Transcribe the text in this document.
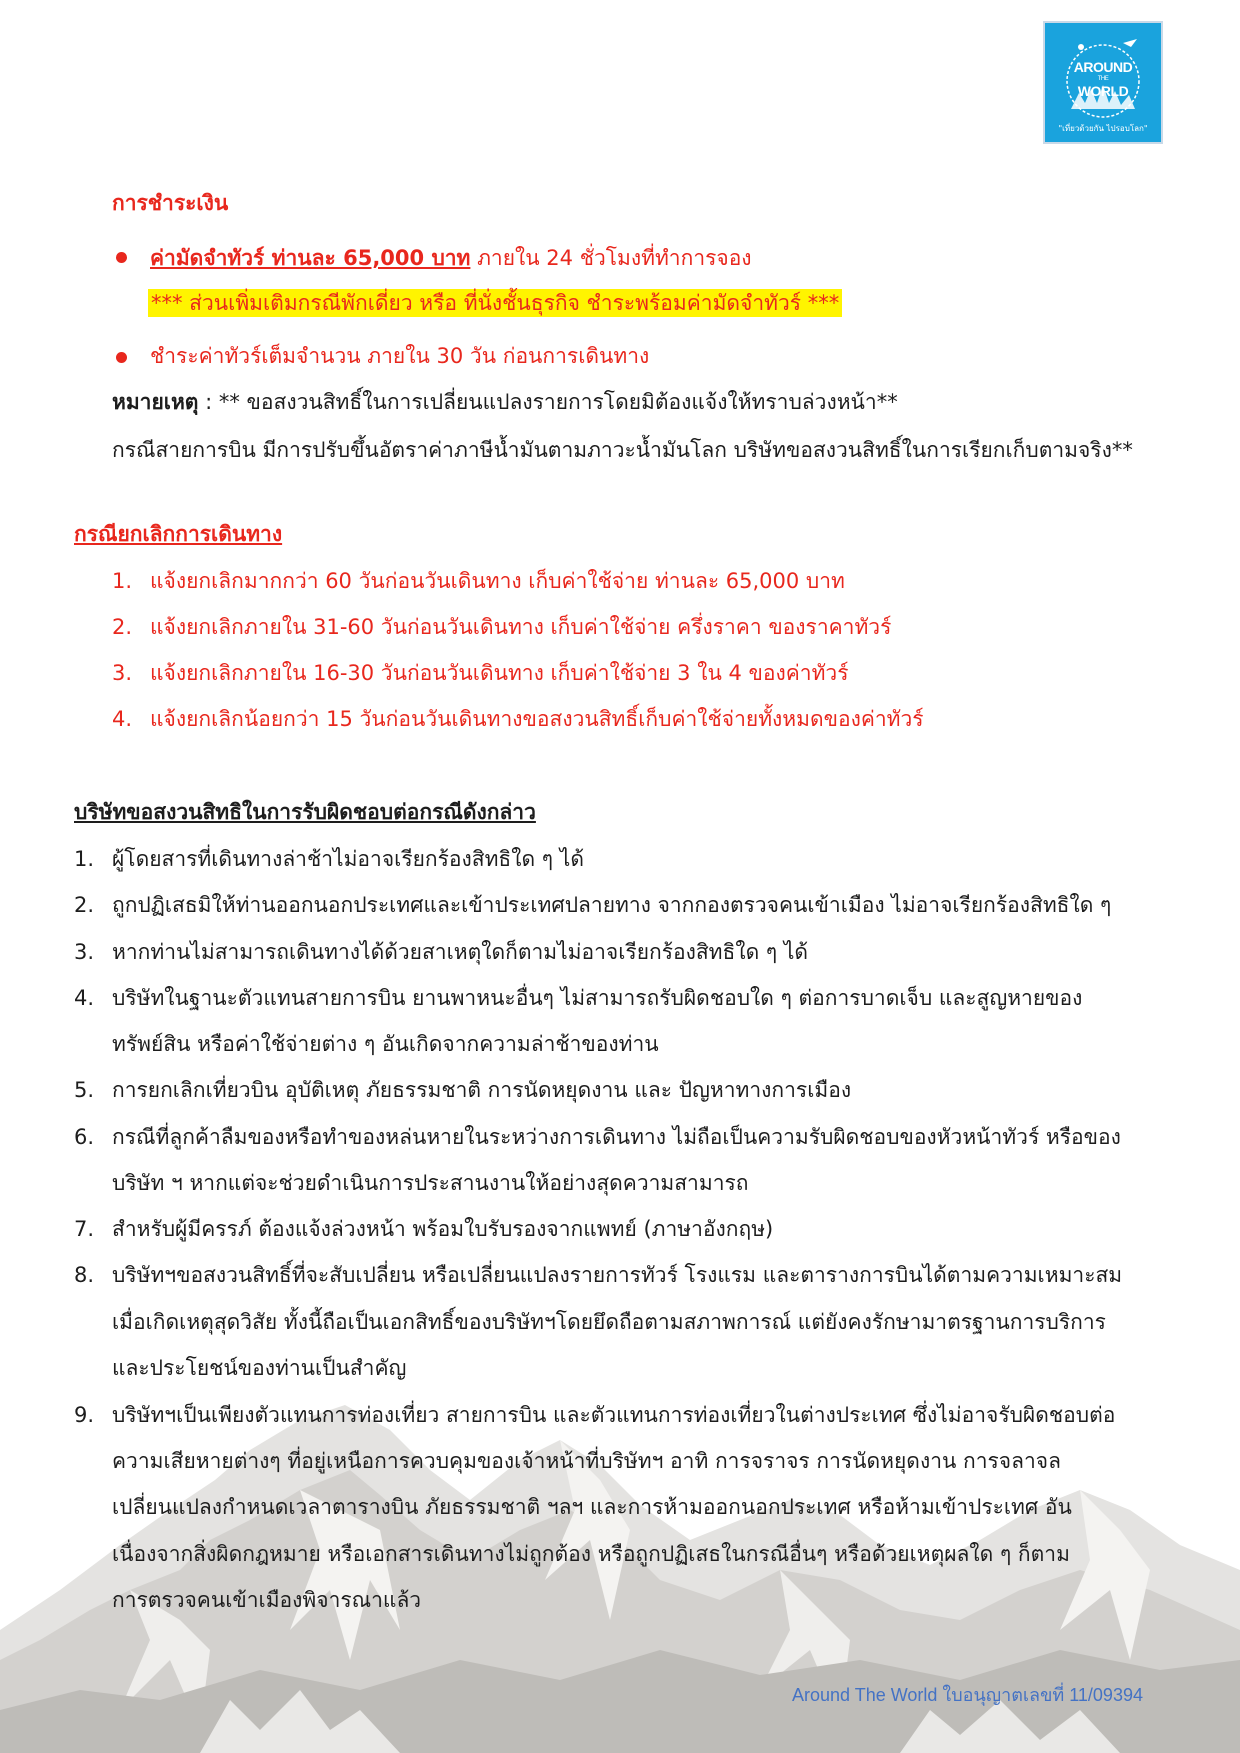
AROUND
THE
WORLD
"เที่ยวด้วยกัน ไปรอบโลก"
การชำระเงิน
ค่ามัดจำทัวร์ ท่านละ 65,000 บาท ภายใน 24 ชั่วโมงที่ทำการจอง
*** ส่วนเพิ่มเติมกรณีพักเดี่ยว หรือ ที่นั่งชั้นธุรกิจ ชำระพร้อมค่ามัดจำทัวร์ ***
ชำระค่าทัวร์เต็มจำนวน ภายใน 30 วัน ก่อนการเดินทาง
หมายเหตุ : ** ขอสงวนสิทธิ์ในการเปลี่ยนแปลงรายการโดยมิต้องแจ้งให้ทราบล่วงหน้า**
กรณีสายการบิน มีการปรับขึ้นอัตราค่าภาษีน้ำมันตามภาวะน้ำมันโลก บริษัทขอสงวนสิทธิ์ในการเรียกเก็บตามจริง**
กรณียกเลิกการเดินทาง
1. แจ้งยกเลิกมากกว่า 60 วันก่อนวันเดินทาง เก็บค่าใช้จ่าย ท่านละ 65,000 บาท
2. แจ้งยกเลิกภายใน 31-60 วันก่อนวันเดินทาง เก็บค่าใช้จ่าย ครึ่งราคา ของราคาทัวร์
3. แจ้งยกเลิกภายใน 16-30 วันก่อนวันเดินทาง เก็บค่าใช้จ่าย 3 ใน 4 ของค่าทัวร์
4. แจ้งยกเลิกน้อยกว่า 15 วันก่อนวันเดินทางขอสงวนสิทธิ์เก็บค่าใช้จ่ายทั้งหมดของค่าทัวร์
บริษัทขอสงวนสิทธิในการรับผิดชอบต่อกรณีดังกล่าว
1. ผู้โดยสารที่เดินทางล่าช้าไม่อาจเรียกร้องสิทธิใด ๆ ได้
2. ถูกปฏิเสธมิให้ท่านออกนอกประเทศและเข้าประเทศปลายทาง จากกองตรวจคนเข้าเมือง ไม่อาจเรียกร้องสิทธิใด ๆ
3. หากท่านไม่สามารถเดินทางได้ด้วยสาเหตุใดก็ตามไม่อาจเรียกร้องสิทธิใด ๆ ได้
4. บริษัทในฐานะตัวแทนสายการบิน ยานพาหนะอื่นๆ ไม่สามารถรับผิดชอบใด ๆ ต่อการบาดเจ็บ และสูญหายของ
ทรัพย์สิน หรือค่าใช้จ่ายต่าง ๆ อันเกิดจากความล่าช้าของท่าน
5. การยกเลิกเที่ยวบิน อุบัติเหตุ ภัยธรรมชาติ การนัดหยุดงาน และ ปัญหาทางการเมือง
6. กรณีที่ลูกค้าลืมของหรือทำของหล่นหายในระหว่างการเดินทาง ไม่ถือเป็นความรับผิดชอบของหัวหน้าทัวร์ หรือของ
บริษัท ฯ หากแต่จะช่วยดำเนินการประสานงานให้อย่างสุดความสามารถ
7. สำหรับผู้มีครรภ์ ต้องแจ้งล่วงหน้า พร้อมใบรับรองจากแพทย์ (ภาษาอังกฤษ)
8. บริษัทฯขอสงวนสิทธิ์ที่จะสับเปลี่ยน หรือเปลี่ยนแปลงรายการทัวร์ โรงแรม และตารางการบินได้ตามความเหมาะสม
เมื่อเกิดเหตุสุดวิสัย ทั้งนี้ถือเป็นเอกสิทธิ์ของบริษัทฯโดยยึดถือตามสภาพการณ์ แต่ยังคงรักษามาตรฐานการบริการ
และประโยชน์ของท่านเป็นสำคัญ
9. บริษัทฯเป็นเพียงตัวแทนการท่องเที่ยว สายการบิน และตัวแทนการท่องเที่ยวในต่างประเทศ ซึ่งไม่อาจรับผิดชอบต่อ
ความเสียหายต่างๆ ที่อยู่เหนือการควบคุมของเจ้าหน้าที่บริษัทฯ อาทิ การจราจร การนัดหยุดงาน การจลาจล
เปลี่ยนแปลงกำหนดเวลาตารางบิน ภัยธรรมชาติ ฯลฯ และการห้ามออกนอกประเทศ หรือห้ามเข้าประเทศ อัน
เนื่องจากสิ่งผิดกฎหมาย หรือเอกสารเดินทางไม่ถูกต้อง หรือถูกปฏิเสธในกรณีอื่นๆ หรือด้วยเหตุผลใด ๆ ก็ตาม
การตรวจคนเข้าเมืองพิจารณาแล้ว
Around The World ใบอนุญาตเลขที่ 11/09394
